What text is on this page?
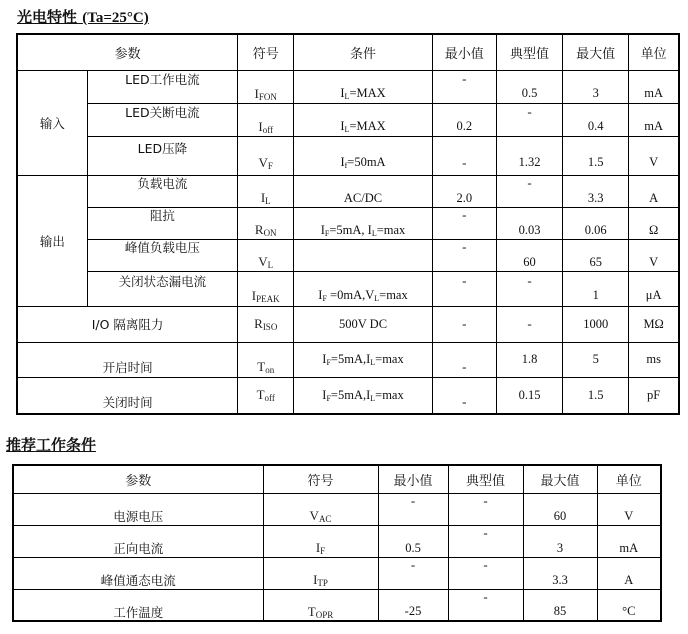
光电特性 (Ta=25°C)
参数		符号	条件	最小值	典型值	最大值	单位
输入	LED工作电流	$I_{FON}$	$I_L=MAX$	-	0.5	3	mA

	LED关断电流	$I_{off}$	$I_L=MAX$	0.2	-	0.4	mA

	LED压降	$V_F$	$I_f=50mA$	-	1.32	1.5	V

输出	负载电流	$I_L$	AC/DC	2.0	-	3.3	A

	阻抗	$R_{ON}$	$I_F=5mA$, $I_L=\max$	-	0.03	0.06	Ω

	峰值负载电压	$V_L$		-	60	65	V

	关闭状态漏电流	$I_{PEAK}$	$I_F =0mA,V_L=\max$	-	-	1	μA

I/O 隔离阻力		$R_{ISO}$	500V DC	-	-	1000	MΩ

开启时间		$T_{on}$	$I_F=5mA,I_L=\max$	-	1.8	5	ms

关闭时间		$T_{off}$	$I_F=5mA,I_L=\max$	-	0.15	1.5	pF
推荐工作条件
参数	符号	最小值	典型值	最大值	单位

电源电压	$V_{AC}$	-	-	60	V

正向电流	$I_F$	0.5	-	3	mA

峰值通态电流	$I_{TP}$	-	-	3.3	A

工作温度	$T_{OPR}$	-25	-	85	°C
